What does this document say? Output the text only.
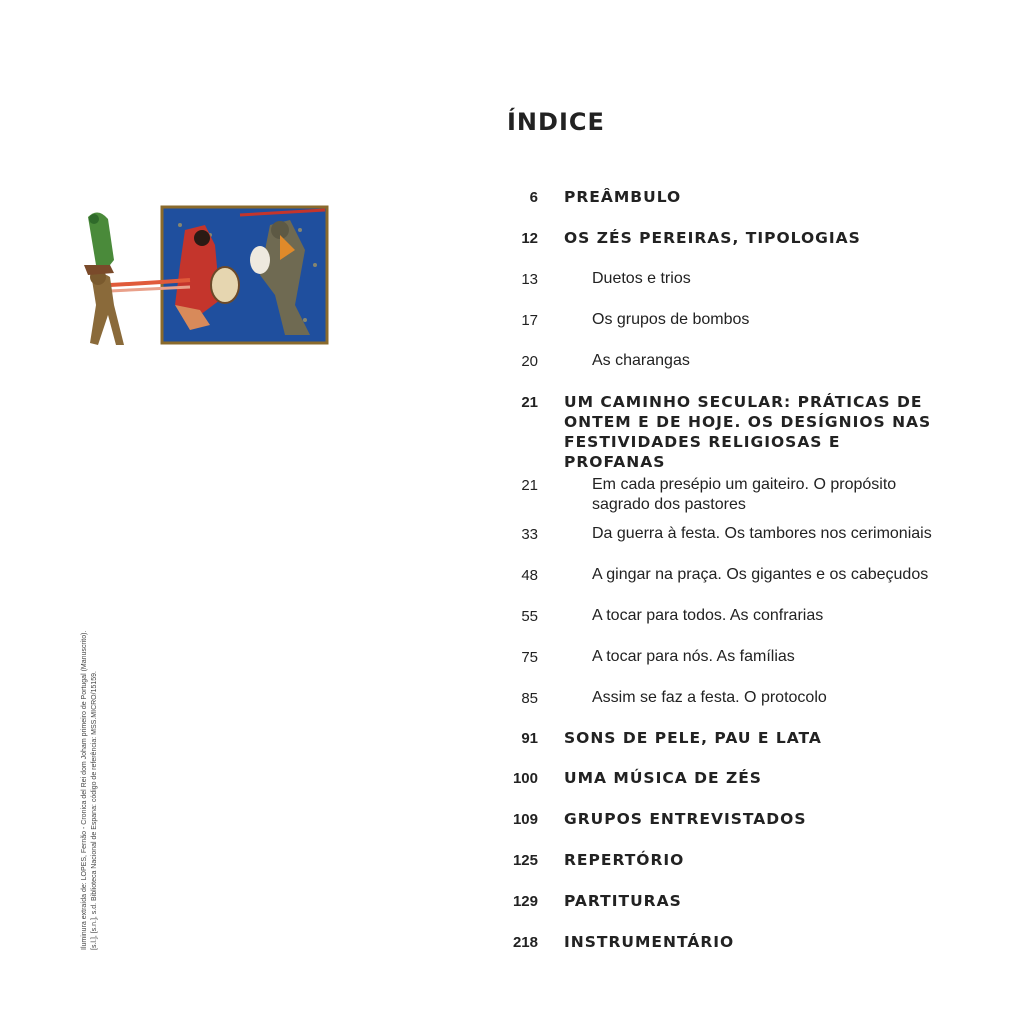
ÍNDICE
6 PREÂMBULO
12 OS ZÉS PEREIRAS, TIPOLOGIAS
13	Duetos e trios
17	Os grupos de bombos
20	As charangas
21 UM CAMINHO SECULAR: PRÁTICAS DE ONTEM E DE HOJE. OS DESÍGNIOS NAS FESTIVIDADES RELIGIOSAS E PROFANAS
21	Em cada presépio um gaiteiro. O propósito sagrado dos pastores
33	Da guerra à festa. Os tambores nos cerimoniais
48	A gingar na praça. Os gigantes e os cabeçudos
55	A tocar para todos. As confrarias
75	A tocar para nós. As famílias
85	Assim se faz a festa. O protocolo
91 SONS DE PELE, PAU E LATA
100 UMA MÚSICA DE ZÉS
109 GRUPOS ENTREVISTADOS
125 REPERTÓRIO
129 PARTITURAS
218 INSTRUMENTÁRIO
Iluminura extraída de: LOPES, Fernão - Cronica del Rei dom Joham primeiro de Portugal (Manuscrito). [s.l.], [s.n.], s.d. Biblioteca Nacional de Espana: código de referência: MSS.MICRO/15159.
